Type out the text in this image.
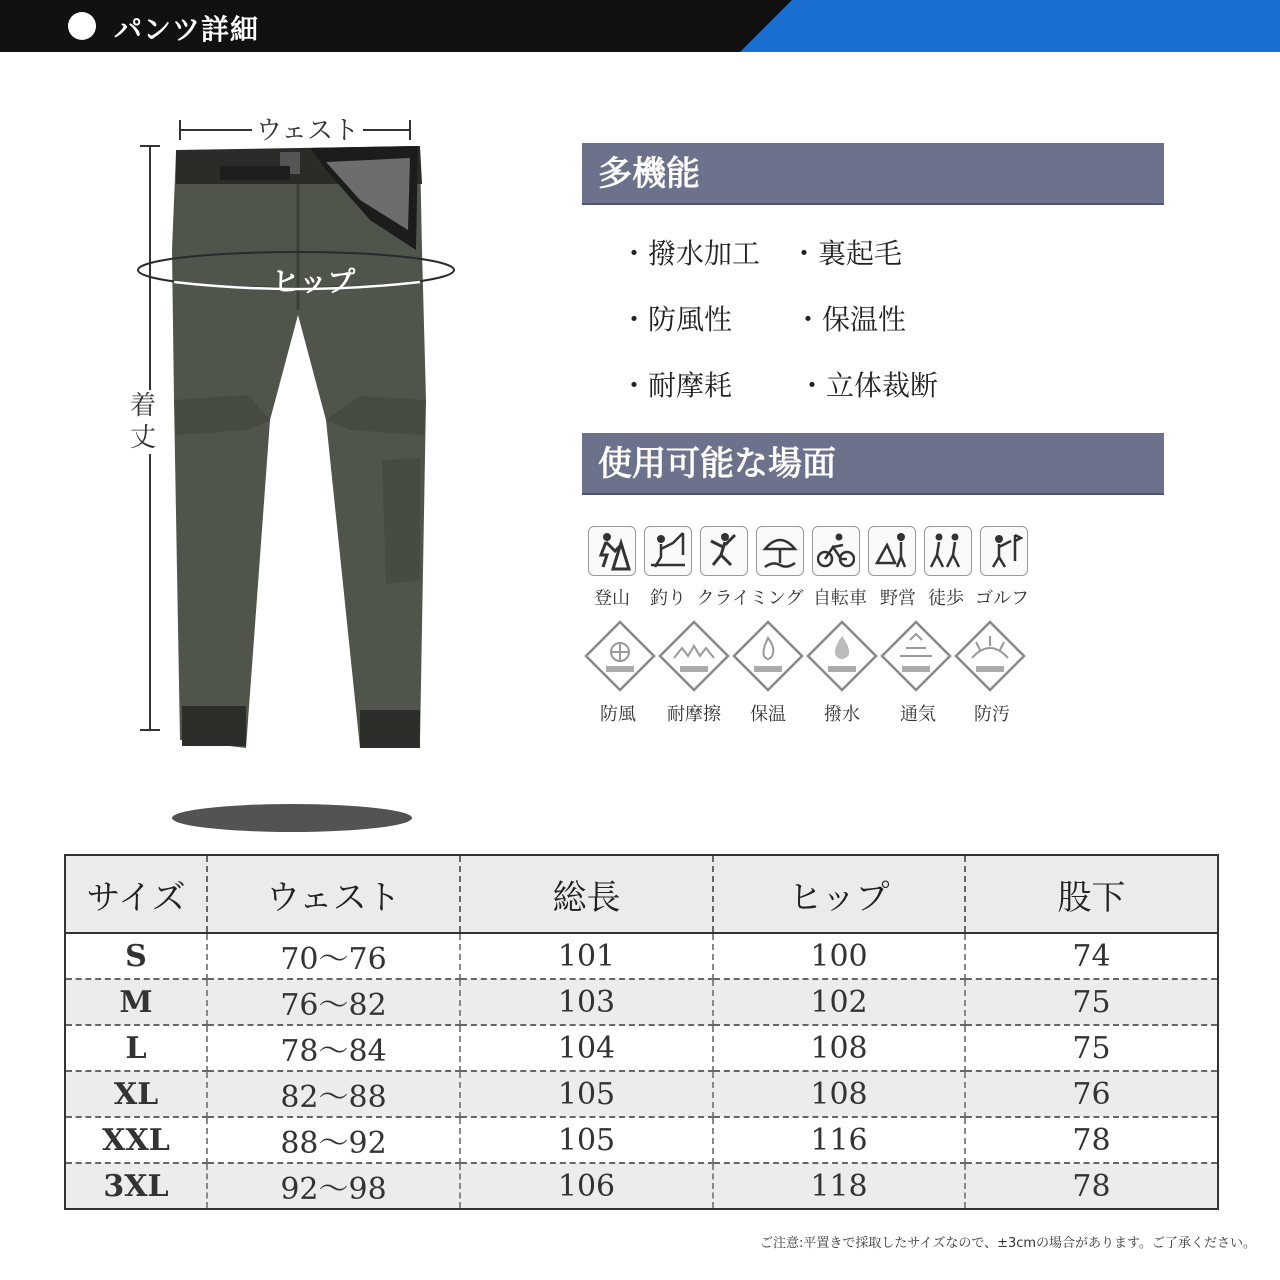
パンツ詳細
ウェスト
ヒップ
着
丈
多機能
・撥水加工 ・裏起毛
・防風性 ・保温性
・耐摩耗 ・立体裁断
使用可能な場面
登山 釣り クライミング 自転車 野営 徒歩 ゴルフ
防風 耐摩擦 保温 撥水 通気 防汚
サイズ	ウェスト	総長	ヒップ	股下
S	70～76	101	100	74
M	76～82	103	102	75
L	78～84	104	108	75
XL	82～88	105	108	76
XXL	88～92	105	116	78
3XL	92～98	106	118	78
ご注意:平置きで採取したサイズなので、±3cmの場合があります。ご了承ください。
